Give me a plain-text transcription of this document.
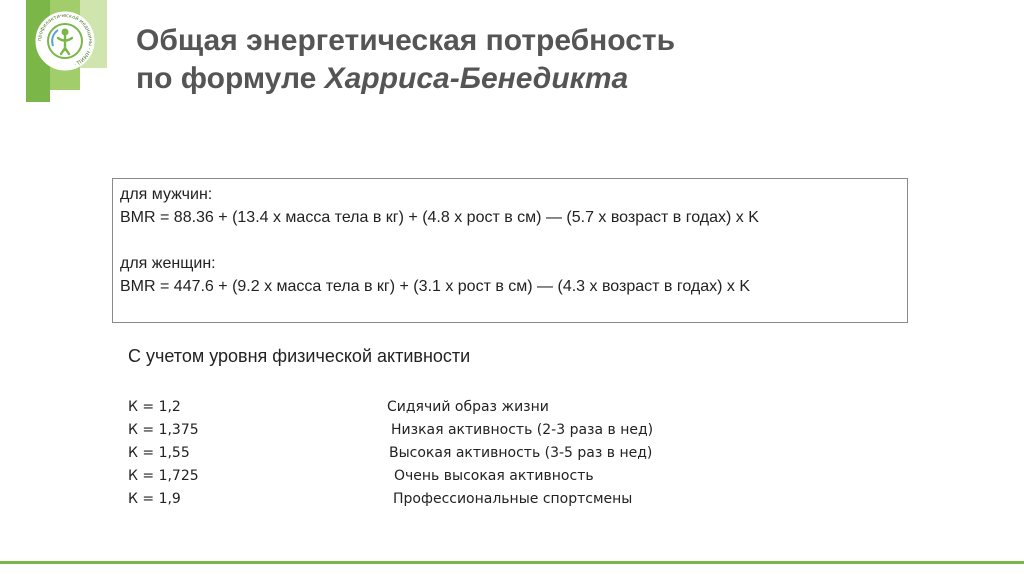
профилактической медицины · НМИЦ ·
Общая энергетическая потребность
по формуле Харриса-Бенедикта
для мужчин:
BMR = 88.36 + (13.4 х масса тела в кг) + (4.8 х рост в см) — (5.7 х возраст в годах) x K
для женщин:
BMR = 447.6 + (9.2 х масса тела в кг) + (3.1 х рост в см) — (4.3 х возраст в годах) x K
С учетом уровня физической активности
К = 1,2	Сидячий образ жизни
К = 1,375	Низкая активность (2-3 раза в нед)
К = 1,55	Высокая активность (3-5 раз в нед)
К = 1,725	Очень высокая активность
К = 1,9	Профессиональные спортсмены
